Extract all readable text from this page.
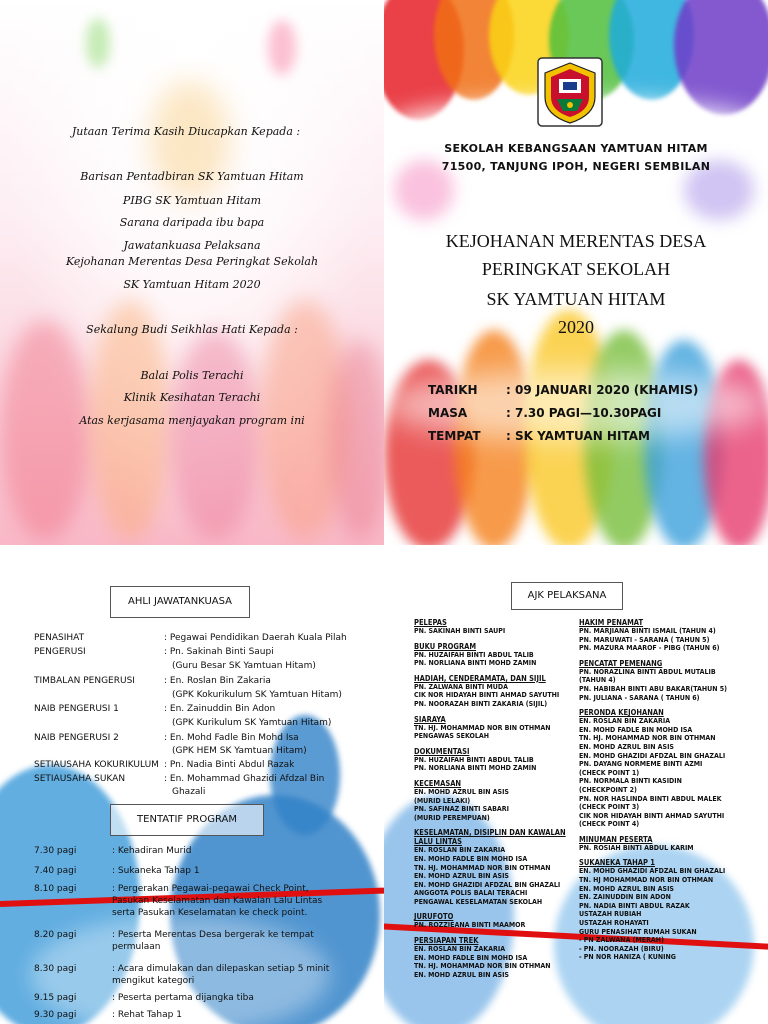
Jutaan Terima Kasih Diucapkan Kepada :
Barisan Pentadbiran SK Yamtuan Hitam
PIBG SK Yamtuan Hitam
Sarana daripada ibu bapa
Jawatankuasa Pelaksana
Kejohanan Merentas Desa Peringkat Sekolah
SK Yamtuan Hitam 2020
Sekalung Budi Seikhlas Hati Kepada :
Balai Polis Terachi
Klinik Kesihatan Terachi
Atas kerjasama menjayakan program ini
SEKOLAH KEBANGSAAN YAMTUAN HITAM
71500, TANJUNG IPOH, NEGERI SEMBILAN
KEJOHANAN MERENTAS DESA
PERINGKAT SEKOLAH
SK YAMTUAN HITAM
2020
TARIKH : 09 JANUARI 2020 (KHAMIS)
MASA	: 7.30 PAGI—10.30PAGI
TEMPAT : SK YAMTUAN HITAM
AHLI JAWATANKUASA
PENASIHAT	: Pegawai Pendidikan Daerah Kuala Pilah
PENGERUSI	: Pn. Sakinah Binti Saupi
(Guru Besar SK Yamtuan Hitam)
TIMBALAN PENGERUSI	: En. Roslan Bin Zakaria
(GPK Kokurikulum SK Yamtuan Hitam)
NAIB PENGERUSI 1	: En. Zainuddin Bin Adon
(GPK Kurikulum SK Yamtuan Hitam)
NAIB PENGERUSI 2	: En. Mohd Fadle Bin Mohd Isa
(GPK HEM SK Yamtuan Hitam)
SETIAUSAHA KOKURIKULUM : Pn. Nadia Binti Abdul Razak
SETIAUSAHA SUKAN	: En. Mohammad Ghazidi Afdzal Bin
Ghazali
TENTATIF PROGRAM
7.30 pagi	: Kehadiran Murid
7.40 pagi	: Sukaneka Tahap 1
8.10 pagi	: Pergerakan Pegawai-pegawai Check Point, Pasukan Keselamatan dan Kawalan Lalu Lintas serta Pasukan Keselamatan ke check point.
8.20 pagi	: Peserta Merentas Desa bergerak ke tempat permulaan
8.30 pagi	: Acara dimulakan dan dilepaskan setiap 5 minit mengikut kategori
9.15 pagi	: Peserta pertama dijangka tiba
9.30 pagi	: Rehat Tahap 1
AJK PELAKSANA
PELEPAS
PN. SAKINAH BINTI SAUPI
BUKU PROGRAM
PN. HUZAIFAH BINTI ABDUL TALIB
PN. NORLIANA BINTI MOHD ZAMIN
HADIAH, CENDERAMATA, DAN SIJIL
PN. ZALWANA BINTI MUDA
CIK NOR HIDAYAH BINTI AHMAD SAYUTHI
PN. NOORAZAH BINTI ZAKARIA (SIJIL)
SIARAYA
TN. HJ. MOHAMMAD NOR BIN OTHMAN
PENGAWAS SEKOLAH
DOKUMENTASI
PN. HUZAIFAH BINTI ABDUL TALIB
PN. NORLIANA BINTI MOHD ZAMIN
KECEMASAN
EN. MOHD AZRUL BIN ASIS
(MURID LELAKI)
PN. SAFINAZ BINTI SABARI
(MURID PEREMPUAN)
KESELAMATAN, DISIPLIN DAN KAWALAN LALU LINTAS
EN. ROSLAN BIN ZAKARIA
EN. MOHD FADLE BIN MOHD ISA
TN. HJ. MOHAMMAD NOR BIN OTHMAN
EN. MOHD AZRUL BIN ASIS
EN. MOHD GHAZIDI AFDZAL BIN GHAZALI
ANGGOTA POLIS BALAI TERACHI
PENGAWAL KESELAMATAN SEKOLAH
JURUFOTO
PN. ROZZIEANA BINTI MAAMOR
PERSIAPAN TREK
EN. ROSLAN BIN ZAKARIA
EN. MOHD FADLE BIN MOHD ISA
TN. HJ. MOHAMMAD NOR BIN OTHMAN
EN. MOHD AZRUL BIN ASIS
HAKIM PENAMAT
PN. MARJIANA BINTI ISMAIL (TAHUN 4)
PN. MARUWATI - SARANA ( TAHUN 5)
PN. MAZURA MAAROF - PIBG (TAHUN 6)
PENCATAT PEMENANG
PN. NORAZLINA BINTI ABDUL MUTALIB
(TAHUN 4)
PN. HABIBAH BINTI ABU BAKAR(TAHUN 5)
PN. JULIANA - SARANA ( TAHUN 6)
PERONDA KEJOHANAN
EN. ROSLAN BIN ZAKARIA
EN. MOHD FADLE BIN MOHD ISA
TN. HJ. MOHAMMAD NOR BIN OTHMAN
EN. MOHD AZRUL BIN ASIS
EN. MOHD GHAZIDI AFDZAL BIN GHAZALI
PN. DAYANG NORMEME BINTI AZMI
(CHECK POINT 1)
PN. NORMALA BINTI KASIDIN
(CHECKPOINT 2)
PN. NOR HASLINDA BINTI ABDUL MALEK
(CHECK POINT 3)
CIK NOR HIDAYAH BINTI AHMAD SAYUTHI
(CHECK POINT 4)
MINUMAN PESERTA
PN. ROSIAH BINTI ABDUL KARIM
SUKANEKA TAHAP 1
EN. MOHD GHAZIDI AFDZAL BIN GHAZALI
TN. HJ MOHAMMAD NOR BIN OTHMAN
EN. MOHD AZRUL BIN ASIS
EN. ZAINUDDIN BIN ADON
PN. NADIA BINTI ABDUL RAZAK
USTAZAH RUBIAH
USTAZAH ROHAYATI
GURU PENASIHAT RUMAH SUKAN
- PN ZALWANA (MERAH)
- PN. NOORAZAH (BIRU)
- PN NOR HANIZA ( KUNING
